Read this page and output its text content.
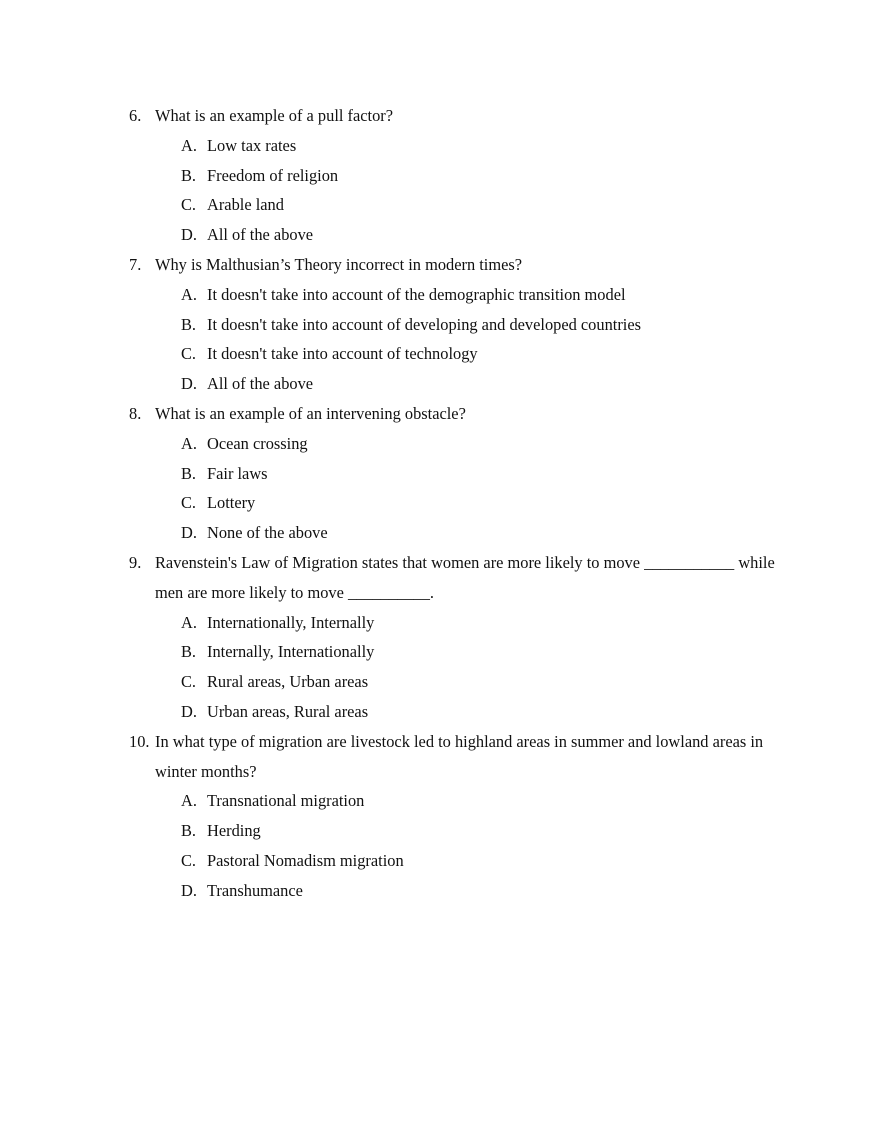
6. What is an example of a pull factor?
A. Low tax rates
B. Freedom of religion
C. Arable land
D. All of the above
7. Why is Malthusian’s Theory incorrect in modern times?
A. It doesn't take into account of the demographic transition model
B. It doesn't take into account of developing and developed countries
C. It doesn't take into account of technology
D. All of the above
8. What is an example of an intervening obstacle?
A. Ocean crossing
B. Fair laws
C. Lottery
D. None of the above
9. Ravenstein's Law of Migration states that women are more likely to move ___________ while men are more likely to move __________.
A. Internationally, Internally
B. Internally, Internationally
C. Rural areas, Urban areas
D. Urban areas, Rural areas
10. In what type of migration are livestock led to highland areas in summer and lowland areas in winter months?
A. Transnational migration
B. Herding
C. Pastoral Nomadism migration
D. Transhumance
